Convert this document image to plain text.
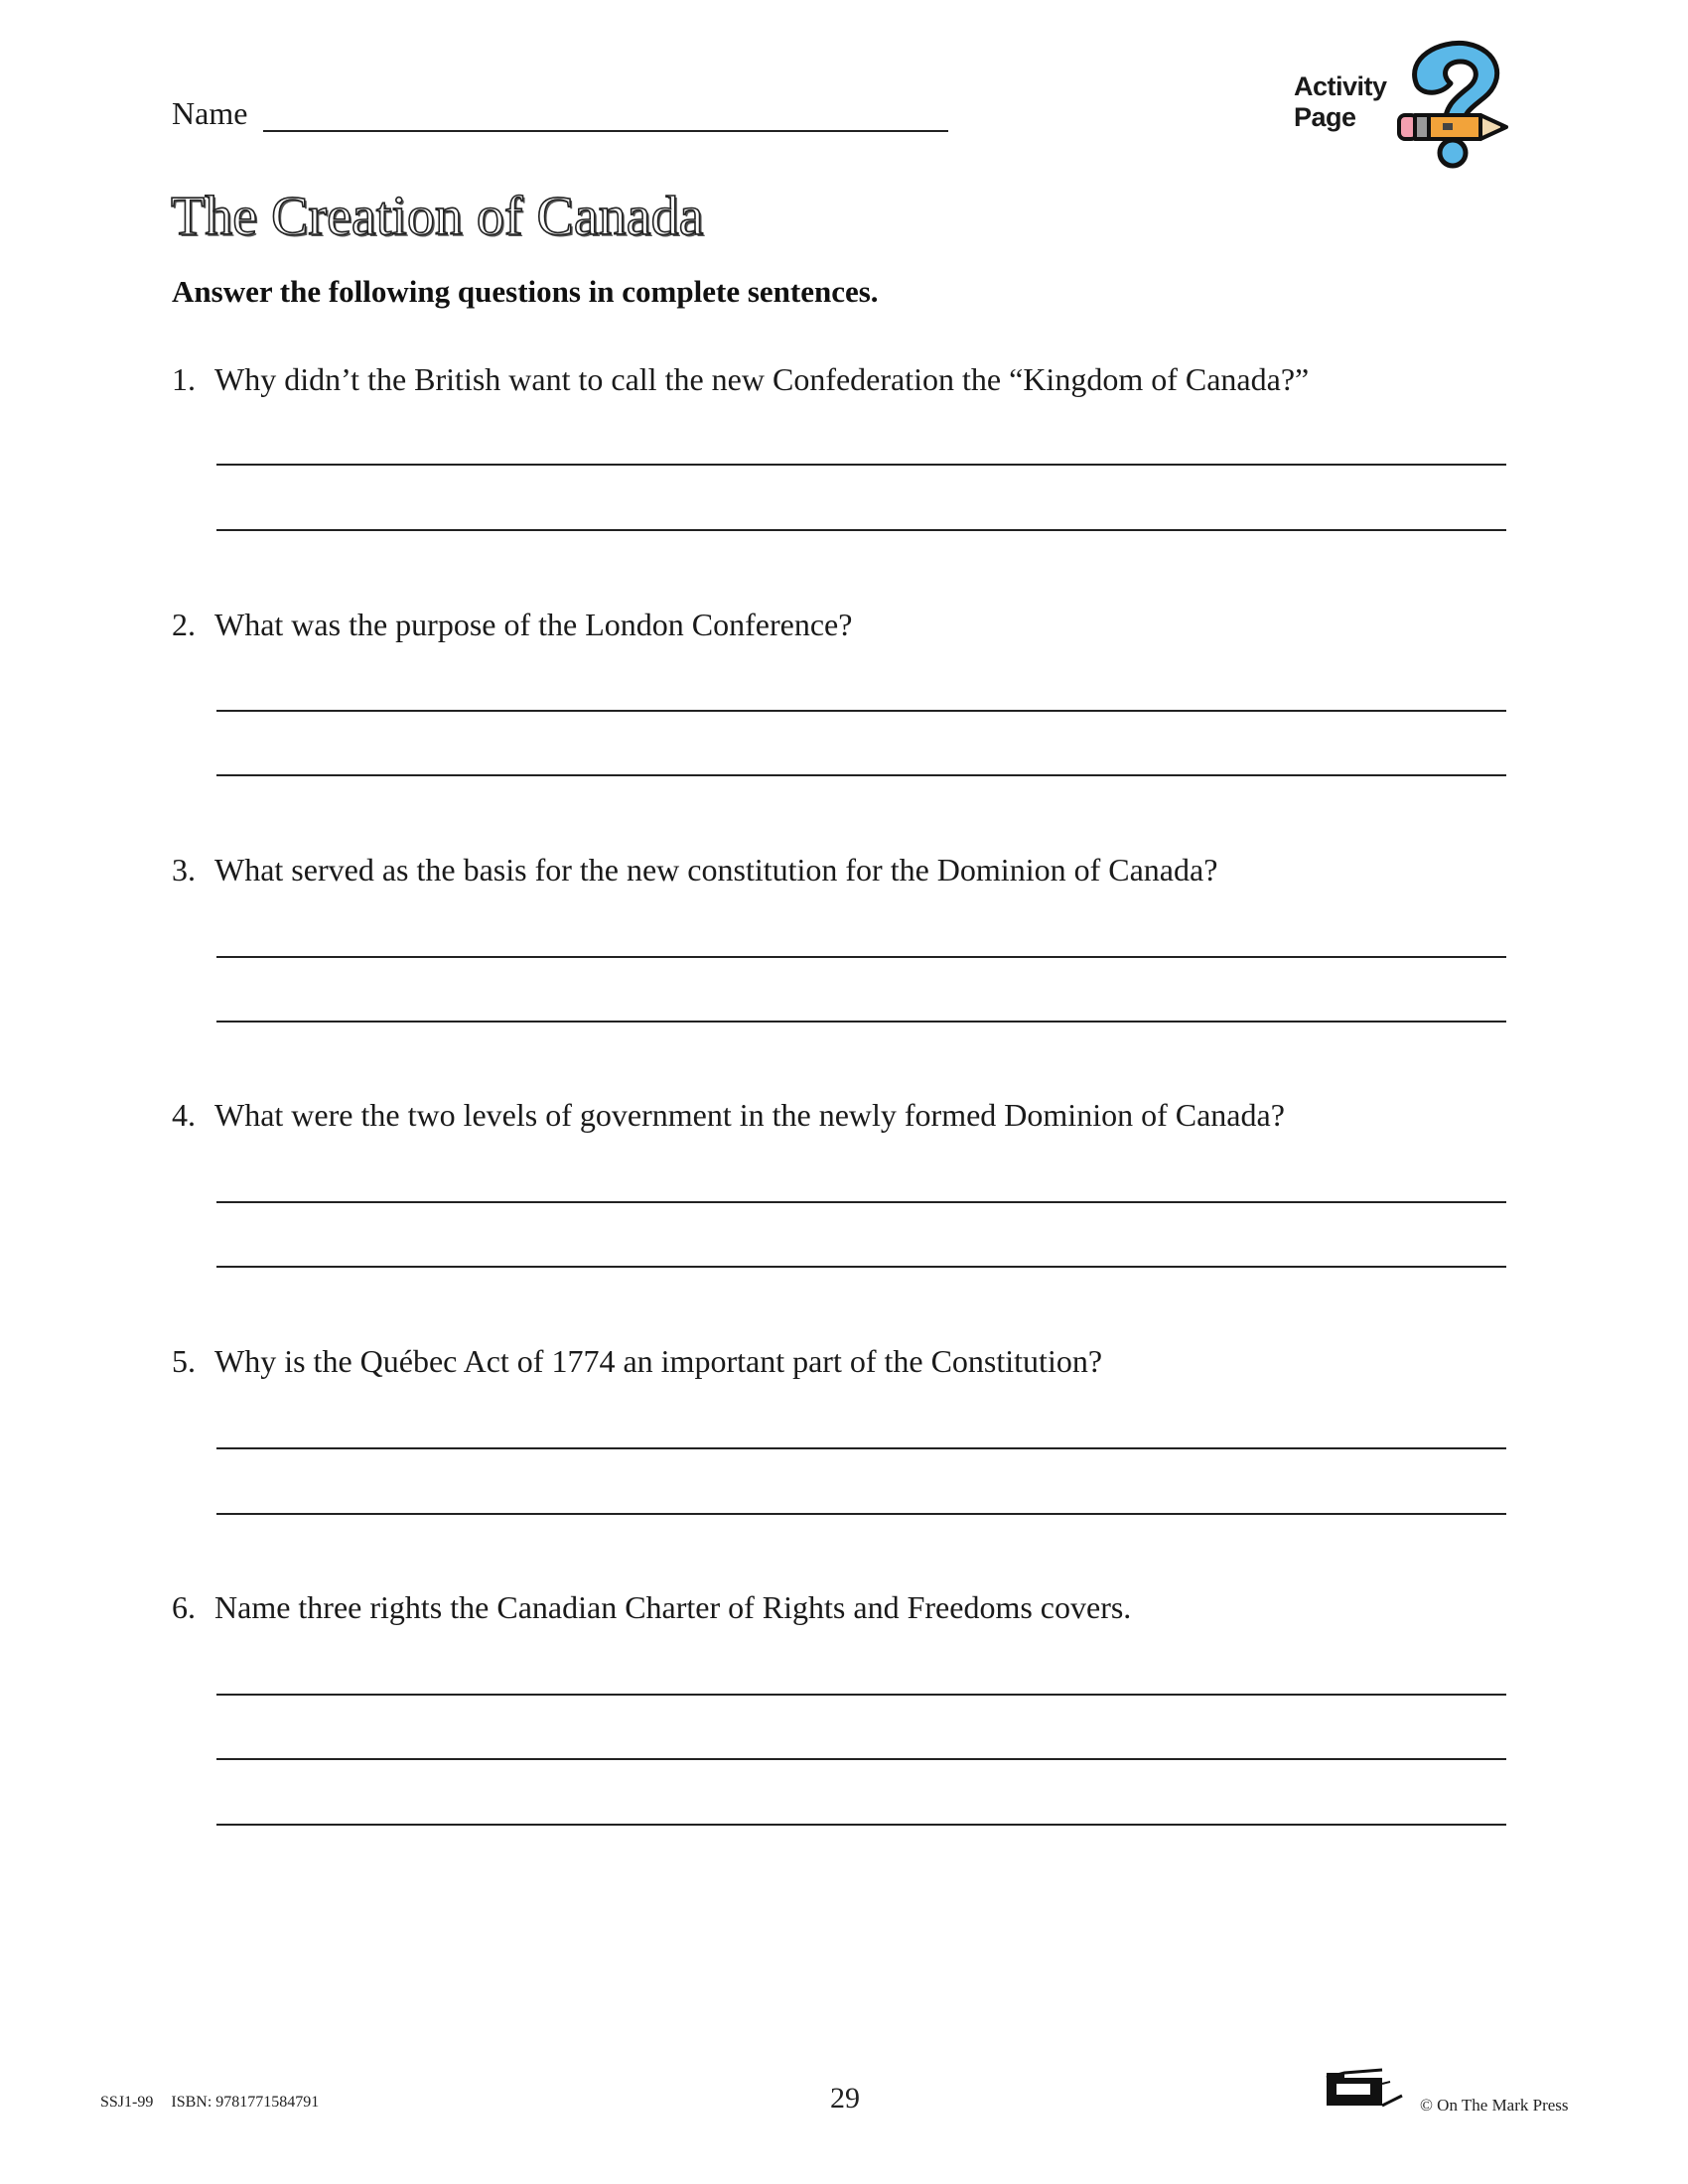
Name
Activity
Page
The Creation of Canada
Answer the following questions in complete sentences.
1. Why didn’t the British want to call the new Confederation the “Kingdom of Canada?”
2. What was the purpose of the London Conference?
3. What served as the basis for the new constitution for the Dominion of Canada?
4. What were the two levels of government in the newly formed Dominion of Canada?
5. Why is the Québec Act of 1774 an important part of the Constitution?
6. Name three rights the Canadian Charter of Rights and Freedoms covers.
SSJ1-99 ISBN: 9781771584791	29	© On The Mark Press
